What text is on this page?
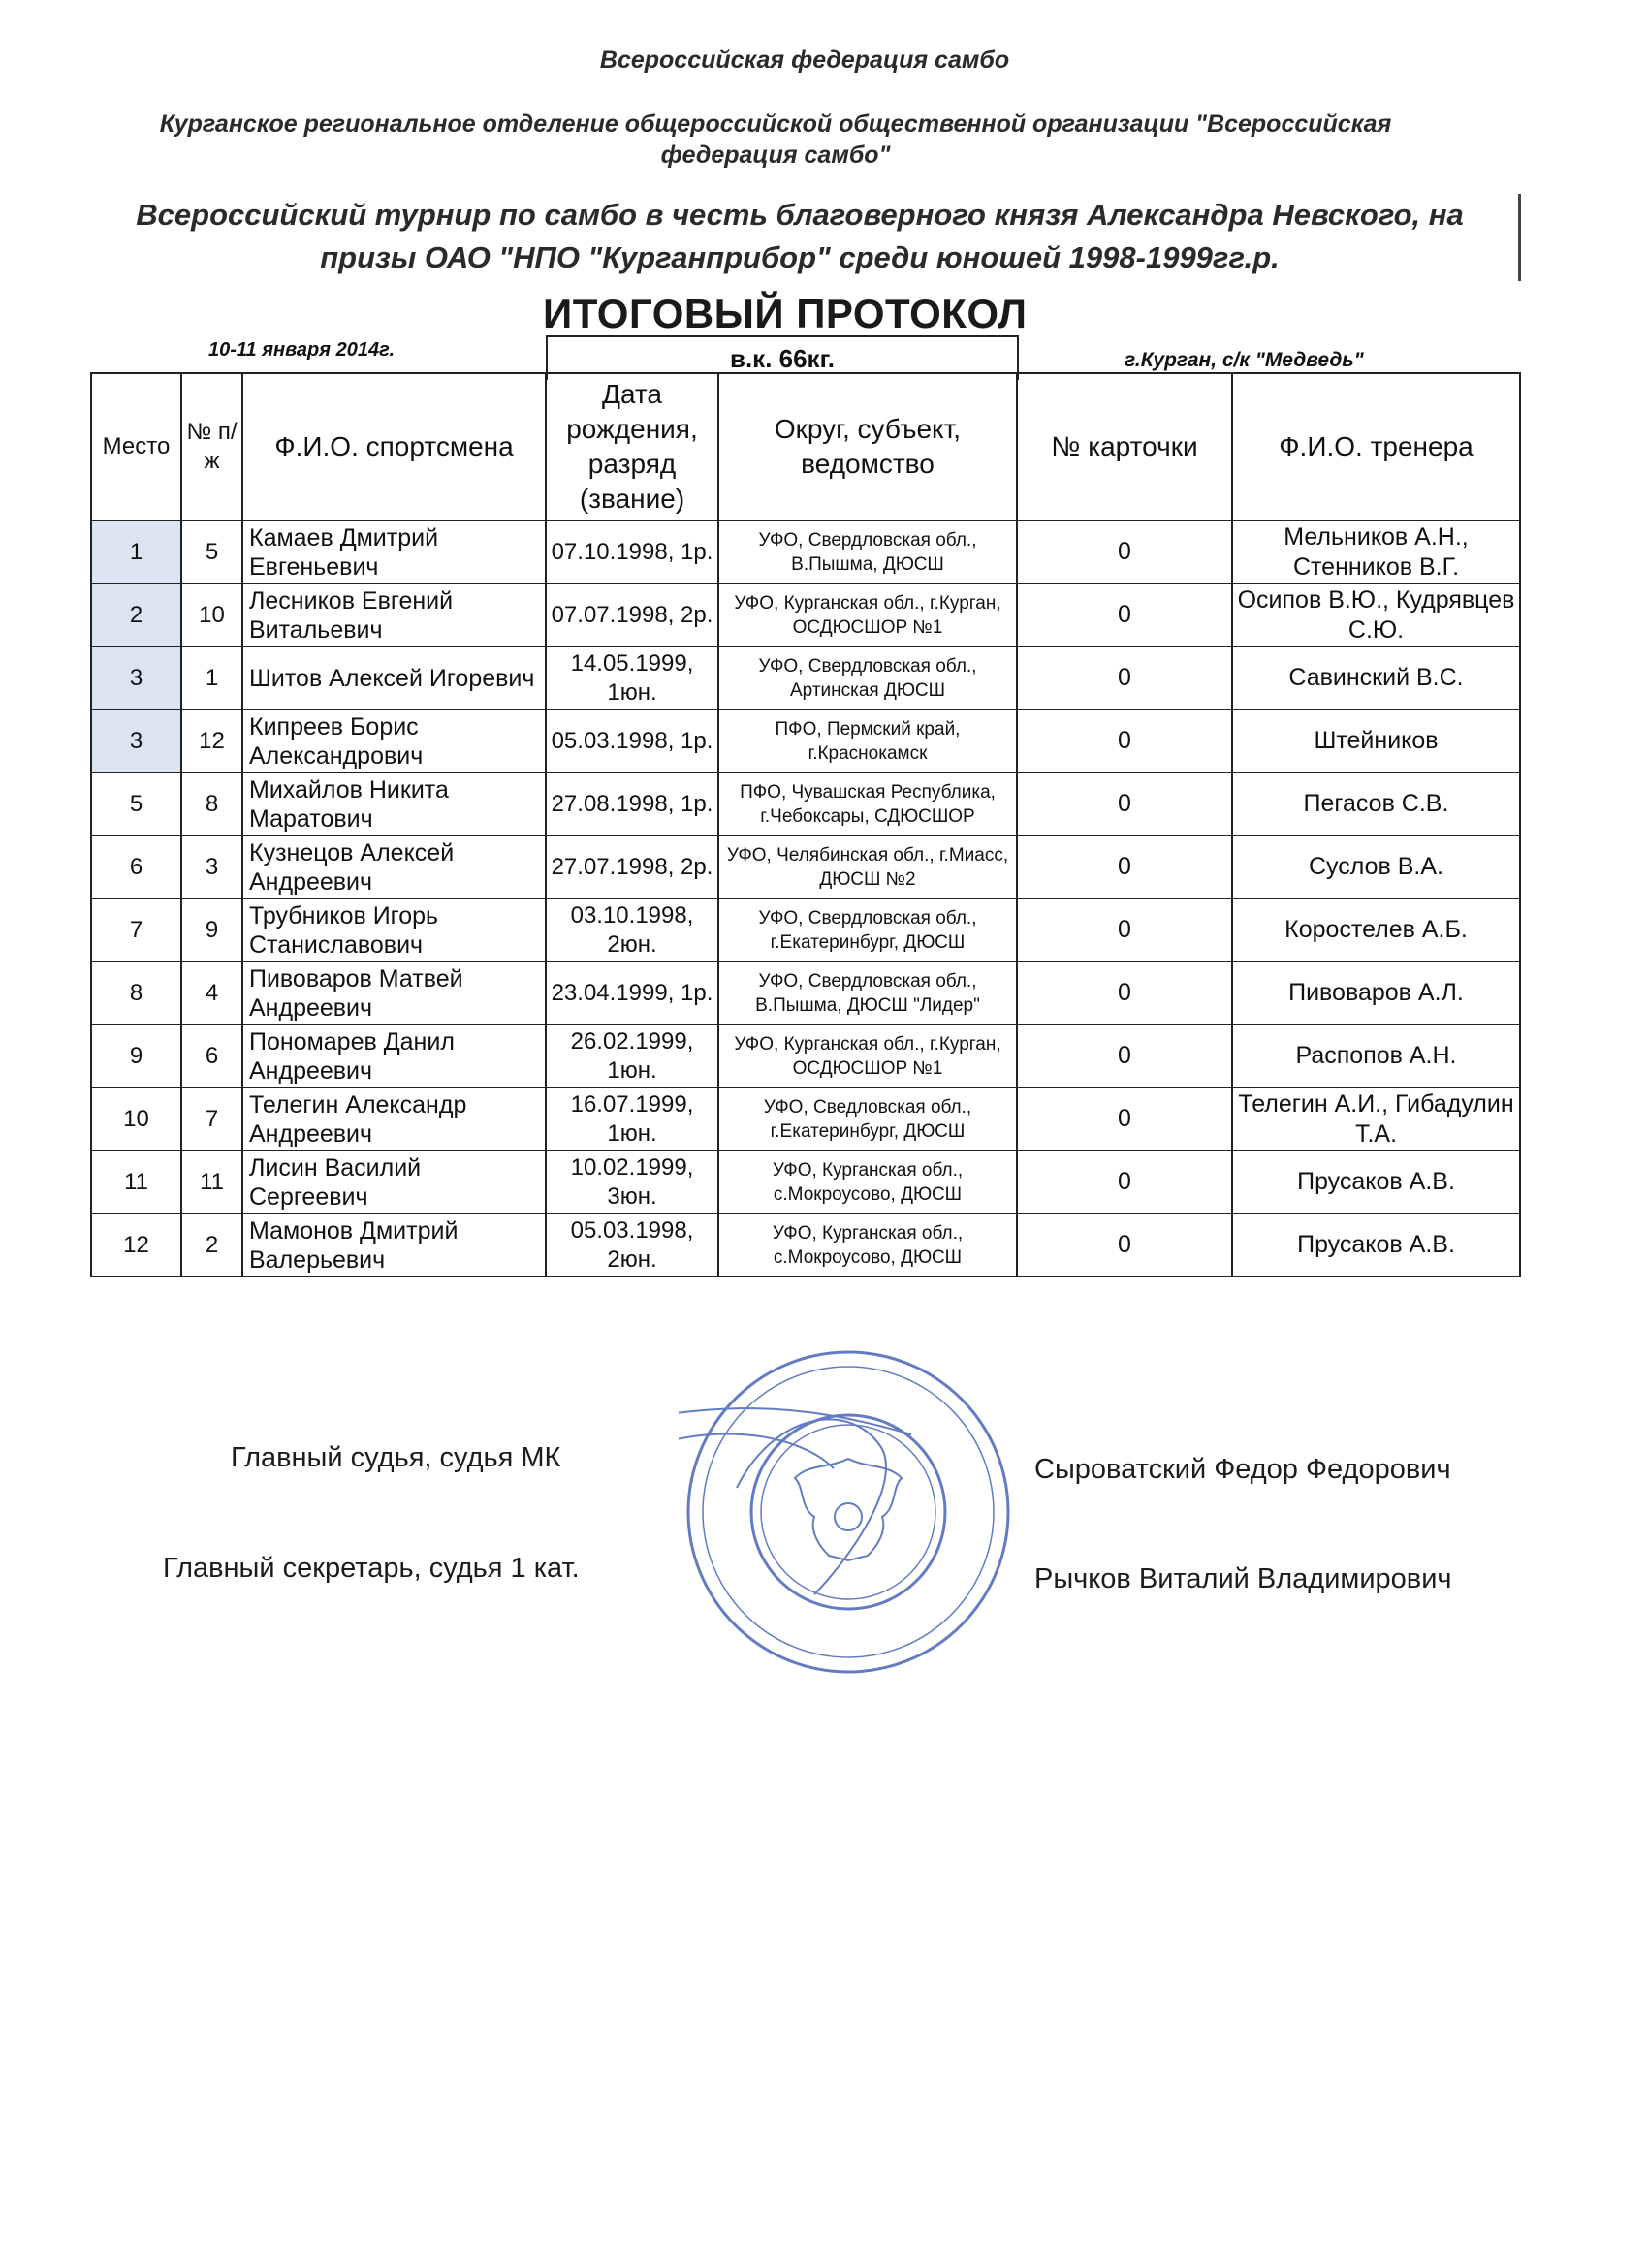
Всероссийская федерация самбо
Курганское региональное отделение общероссийской общественной организации "Всероссийская федерация самбо"
Всероссийский турнир по самбо в честь благоверного князя Александра Невского, на призы ОАО "НПО "Курганприбор" среди юношей 1998-1999гг.р.
ИТОГОВЫЙ ПРОТОКОЛ
10-11 января 2014г.	в.к. 66кг.	г.Курган, с/к "Медведь"
Место	№ п/ж	Ф.И.О. спортсмена	Дата рождения, разряд (звание)	Округ, субъект, ведомство	№ карточки	Ф.И.О. тренера
1	5	Камаев Дмитрий Евгеньевич	07.10.1998, 1р.	УФО, Свердловская обл., В.Пышма, ДЮСШ	0	Мельников А.Н., Стенников В.Г.
2	10	Лесников Евгений Витальевич	07.07.1998, 2р.	УФО, Курганская обл., г.Курган, ОСДЮСШОР №1	0	Осипов В.Ю., Кудрявцев С.Ю.
3	1	Шитов Алексей Игоревич	14.05.1999, 1юн.	УФО, Свердловская обл., Артинская ДЮСШ	0	Савинский В.С.
3	12	Кипреев Борис Александрович	05.03.1998, 1р.	ПФО, Пермский край, г.Краснокамск	0	Штейников
5	8	Михайлов Никита Маратович	27.08.1998, 1р.	ПФО, Чувашская Республика, г.Чебоксары, СДЮСШОР	0	Пегасов С.В.
6	3	Кузнецов Алексей Андреевич	27.07.1998, 2р.	УФО, Челябинская обл., г.Миасс, ДЮСШ №2	0	Суслов В.А.
7	9	Трубников Игорь Станиславович	03.10.1998, 2юн.	УФО, Свердловская обл., г.Екатеринбург, ДЮСШ	0	Коростелев А.Б.
8	4	Пивоваров Матвей Андреевич	23.04.1999, 1р.	УФО, Свердловская обл., В.Пышма, ДЮСШ "Лидер"	0	Пивоваров А.Л.
9	6	Пономарев Данил Андреевич	26.02.1999, 1юн.	УФО, Курганская обл., г.Курган, ОСДЮСШОР №1	0	Распопов А.Н.
10	7	Телегин Александр Андреевич	16.07.1999, 1юн.	УФО, Сведловская обл., г.Екатеринбург, ДЮСШ	0	Телегин А.И., Гибадулин Т.А.
11	11	Лисин Василий Сергеевич	10.02.1999, 3юн.	УФО, Курганская обл., с.Мокроусово, ДЮСШ	0	Прусаков А.В.
12	2	Мамонов Дмитрий Валерьевич	05.03.1998, 2юн.	УФО, Курганская обл., с.Мокроусово, ДЮСШ	0	Прусаков А.В.
Главный судья, судья МК	Сыроватский Федор Федорович
Главный секретарь, судья 1 кат.	Рычков Виталий Владимирович
